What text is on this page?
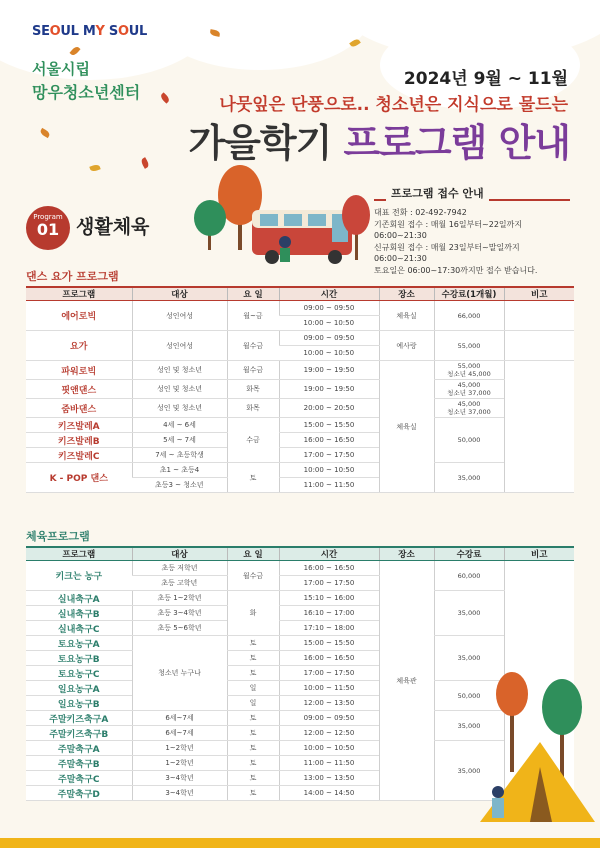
SEOUL MY SOUL
서울시립
망우청소년센터
2024년 9월 ~ 11월
나뭇잎은 단풍으로.. 청소년은 지식으로 물드는
가을학기 프로그램 안내
Program
01 생활체육
대표 전화 : 02-492-7942
기존회원 접수 : 매월 16일부터~22일까지 06:00~21:30
신규회원 접수 : 매월 23일부터~말일까지 06:00~21:30
토요일은 06:00~17:30까지만 접수 받습니다.
프로그램 접수 안내
댄스 요가 프로그램
프로그램	대상	요 일	시간	장소	수강료(1개월)	비고
에어로빅	성인여성	월~금	09:00 ~ 09:50	체육실	66,000	
			10:00 ~ 10:50			
요가	성인여성	월수금	09:00 ~ 09:50	예사랑	55,000	
			10:00 ~ 10:50			
파워로빅	성인 및 청소년	월수금	19:00 ~ 19:50	체육실	55,000
청소년 45,000	

핏앤댄스	성인 및 청소년	화목	19:00 ~ 19:50		45,000
청소년 37,000	

줌바댄스	성인 및 청소년	화목	20:00 ~ 20:50		45,000
청소년 37,000	

키즈발레A	4세 ~ 6세	수금	15:00 ~ 15:50		50,000	
키즈발레B	5세 ~ 7세		16:00 ~ 16:50			
키즈발레C	7세 ~ 초등학생		17:00 ~ 17:50			
K - POP 댄스	초1 ~ 초등4	토	10:00 ~ 10:50		35,000	
	초등3 ~ 청소년		11:00 ~ 11:50			
체육프로그램
프로그램	대상	요 일	시간	장소	수강료	비고
키크는 농구	초등 저학년	월수금	16:00 ~ 16:50	체육관	60,000	
	초등 고학년		17:00 ~ 17:50			
실내축구A	초등 1~2학년	화	15:10 ~ 16:00		35,000	
실내축구B	초등 3~4학년		16:10 ~ 17:00			
실내축구C	초등 5~6학년		17:10 ~ 18:00			
토요농구A	청소년 누구나	토	15:00 ~ 15:50		35,000	
토요농구B		토	16:00 ~ 16:50			
토요농구C		토	17:00 ~ 17:50			
일요농구A		일	10:00 ~ 11:50		50,000	
일요농구B		일	12:00 ~ 13:50			
주말키즈축구A	6세~7세	토	09:00 ~ 09:50		35,000	
주말키즈축구B	6세~7세	토	12:00 ~ 12:50			
주말축구A	1~2학년	토	10:00 ~ 10:50		35,000	
주말축구B	1~2학년	토	11:00 ~ 11:50			
주말축구C	3~4학년	토	13:00 ~ 13:50			
주말축구D	3~4학년	토	14:00 ~ 14:50			
